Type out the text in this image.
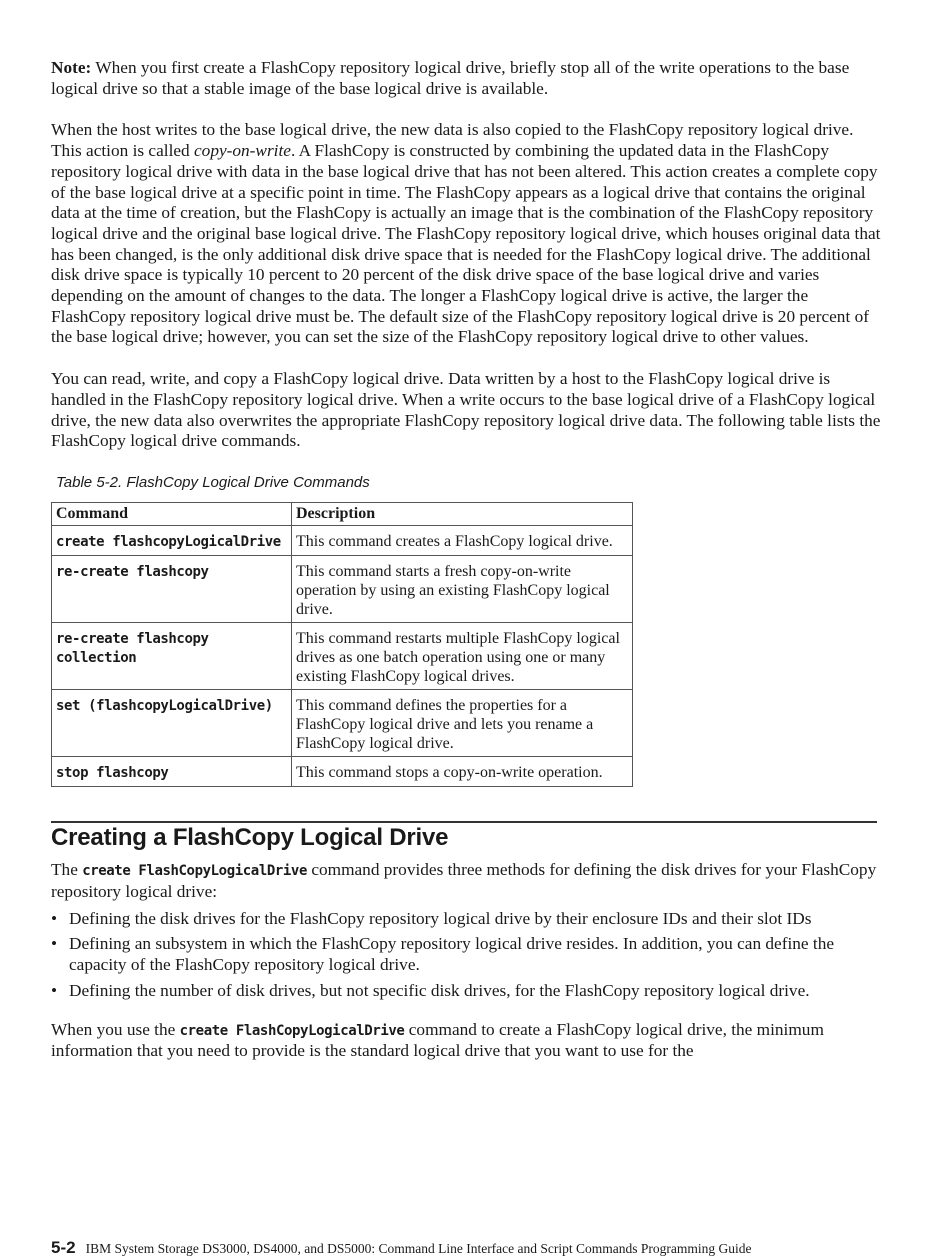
Note: When you first create a FlashCopy repository logical drive, briefly stop all of the write operations to the base logical drive so that a stable image of the base logical drive is available.

When the host writes to the base logical drive, the new data is also copied to the FlashCopy repository logical drive. This action is called copy-on-write. A FlashCopy is constructed by combining the updated data in the FlashCopy repository logical drive with data in the base logical drive that has not been altered. This action creates a complete copy of the base logical drive at a specific point in time. The FlashCopy appears as a logical drive that contains the original data at the time of creation, but the FlashCopy is actually an image that is the combination of the FlashCopy repository logical drive and the original base logical drive. The FlashCopy repository logical drive, which houses original data that has been changed, is the only additional disk drive space that is needed for the FlashCopy logical drive. The additional disk drive space is typically 10 percent to 20 percent of the disk drive space of the base logical drive and varies depending on the amount of changes to the data. The longer a FlashCopy logical drive is active, the larger the FlashCopy repository logical drive must be. The default size of the FlashCopy repository logical drive is 20 percent of the base logical drive; however, you can set the size of the FlashCopy repository logical drive to other values.

You can read, write, and copy a FlashCopy logical drive. Data written by a host to the FlashCopy logical drive is handled in the FlashCopy repository logical drive. When a write occurs to the base logical drive of a FlashCopy logical drive, the new data also overwrites the appropriate FlashCopy repository logical drive data. The following table lists the FlashCopy logical drive commands.

Table 5-2. FlashCopy Logical Drive Commands
Command	Description
create flashcopyLogicalDrive	This command creates a FlashCopy logical drive.
re-create flashcopy	This command starts a fresh copy-on-write operation by using an existing FlashCopy logical drive.
re-create flashcopy collection	This command restarts multiple FlashCopy logical drives as one batch operation using one or many existing FlashCopy logical drives.
set (flashcopyLogicalDrive)	This command defines the properties for a FlashCopy logical drive and lets you rename a FlashCopy logical drive.
stop flashcopy	This command stops a copy-on-write operation.
Creating a FlashCopy Logical Drive

The create FlashCopyLogicalDrive command provides three methods for defining the disk drives for your FlashCopy repository logical drive:

• Defining the disk drives for the FlashCopy repository logical drive by their enclosure IDs and their slot IDs
• Defining an subsystem in which the FlashCopy repository logical drive resides. In addition, you can define the capacity of the FlashCopy repository logical drive.
• Defining the number of disk drives, but not specific disk drives, for the FlashCopy repository logical drive.

When you use the create FlashCopyLogicalDrive command to create a FlashCopy logical drive, the minimum information that you need to provide is the standard logical drive that you want to use for the

5-2 IBM System Storage DS3000, DS4000, and DS5000: Command Line Interface and Script Commands Programming Guide
